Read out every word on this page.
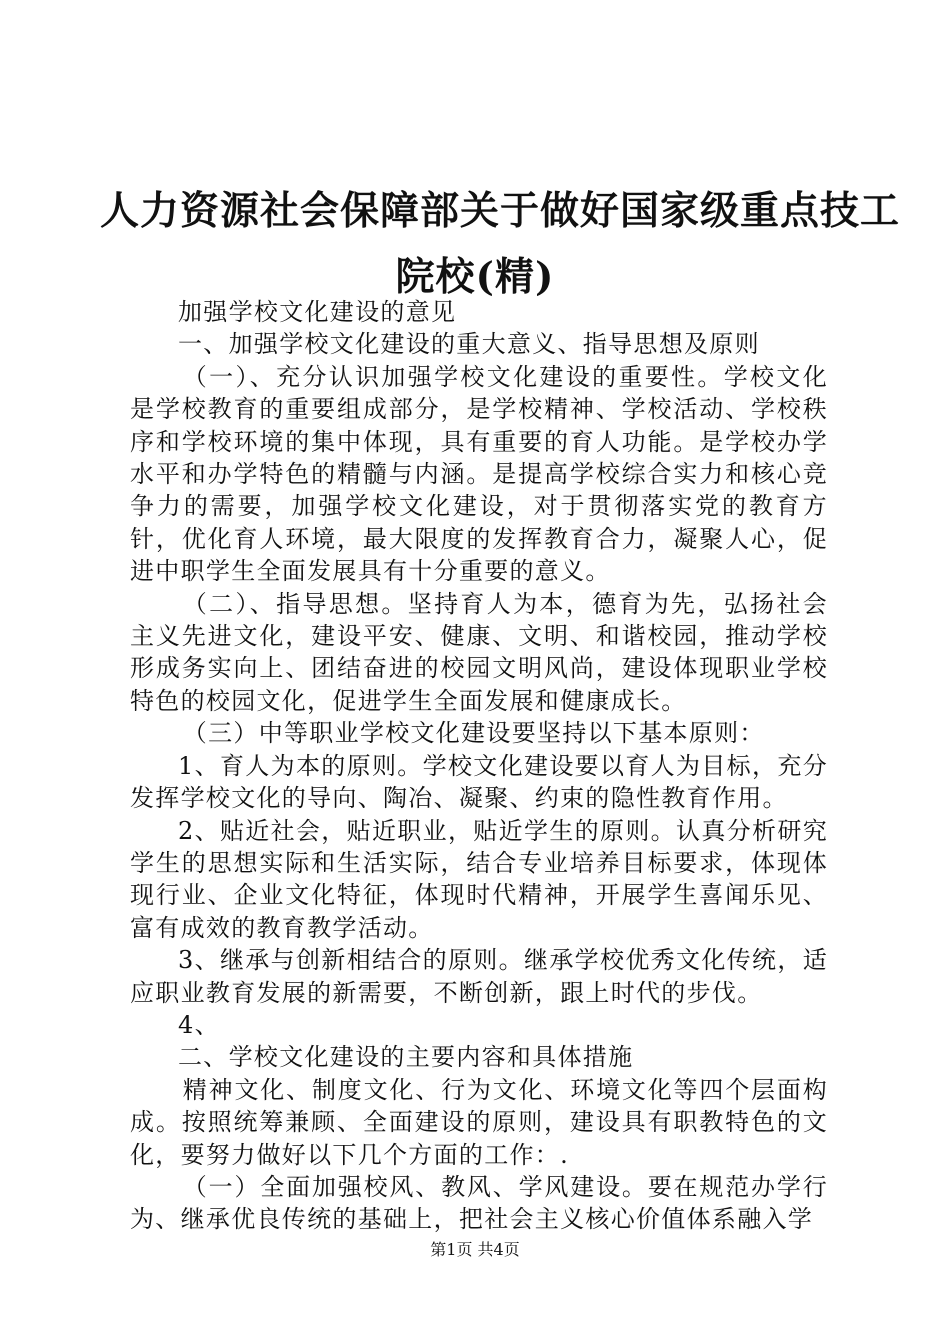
人力资源社会保障部关于做好国家级重点技工
院校(精)

加强学校文化建设的意见

一、加强学校文化建设的重大意义、指导思想及原则

（一）、充分认识加强学校文化建设的重要性。学校文化是学校教育的重要组成部分，是学校精神、学校活动、学校秩序和学校环境的集中体现，具有重要的育人功能。是学校办学水平和办学特色的精髓与内涵。是提高学校综合实力和核心竞争力的需要，加强学校文化建设，对于贯彻落实党的教育方针，优化育人环境，最大限度的发挥教育合力，凝聚人心，促进中职学生全面发展具有十分重要的意义。

（二）、指导思想。坚持育人为本，德育为先，弘扬社会主义先进文化，建设平安、健康、文明、和谐校园，推动学校形成务实向上、团结奋进的校园文明风尚，建设体现职业学校特色的校园文化，促进学生全面发展和健康成长。

（三）中等职业学校文化建设要坚持以下基本原则：

1、育人为本的原则。学校文化建设要以育人为目标，充分发挥学校文化的导向、陶冶、凝聚、约束的隐性教育作用。

2、贴近社会，贴近职业，贴近学生的原则。认真分析研究学生的思想实际和生活实际，结合专业培养目标要求，体现体现行业、企业文化特征，体现时代精神，开展学生喜闻乐见、富有成效的教育教学活动。

3、继承与创新相结合的原则。继承学校优秀文化传统，适应职业教育发展的新需要，不断创新，跟上时代的步伐。

4、

二、学校文化建设的主要内容和具体措施

精神文化、制度文化、行为文化、环境文化等四个层面构成。按照统筹兼顾、全面建设的原则，建设具有职教特色的文化，要努力做好以下几个方面的工作：.

（一）全面加强校风、教风、学风建设。要在规范办学行为、继承优良传统的基础上，把社会主义核心价值体系融入学

第1页 共4页
